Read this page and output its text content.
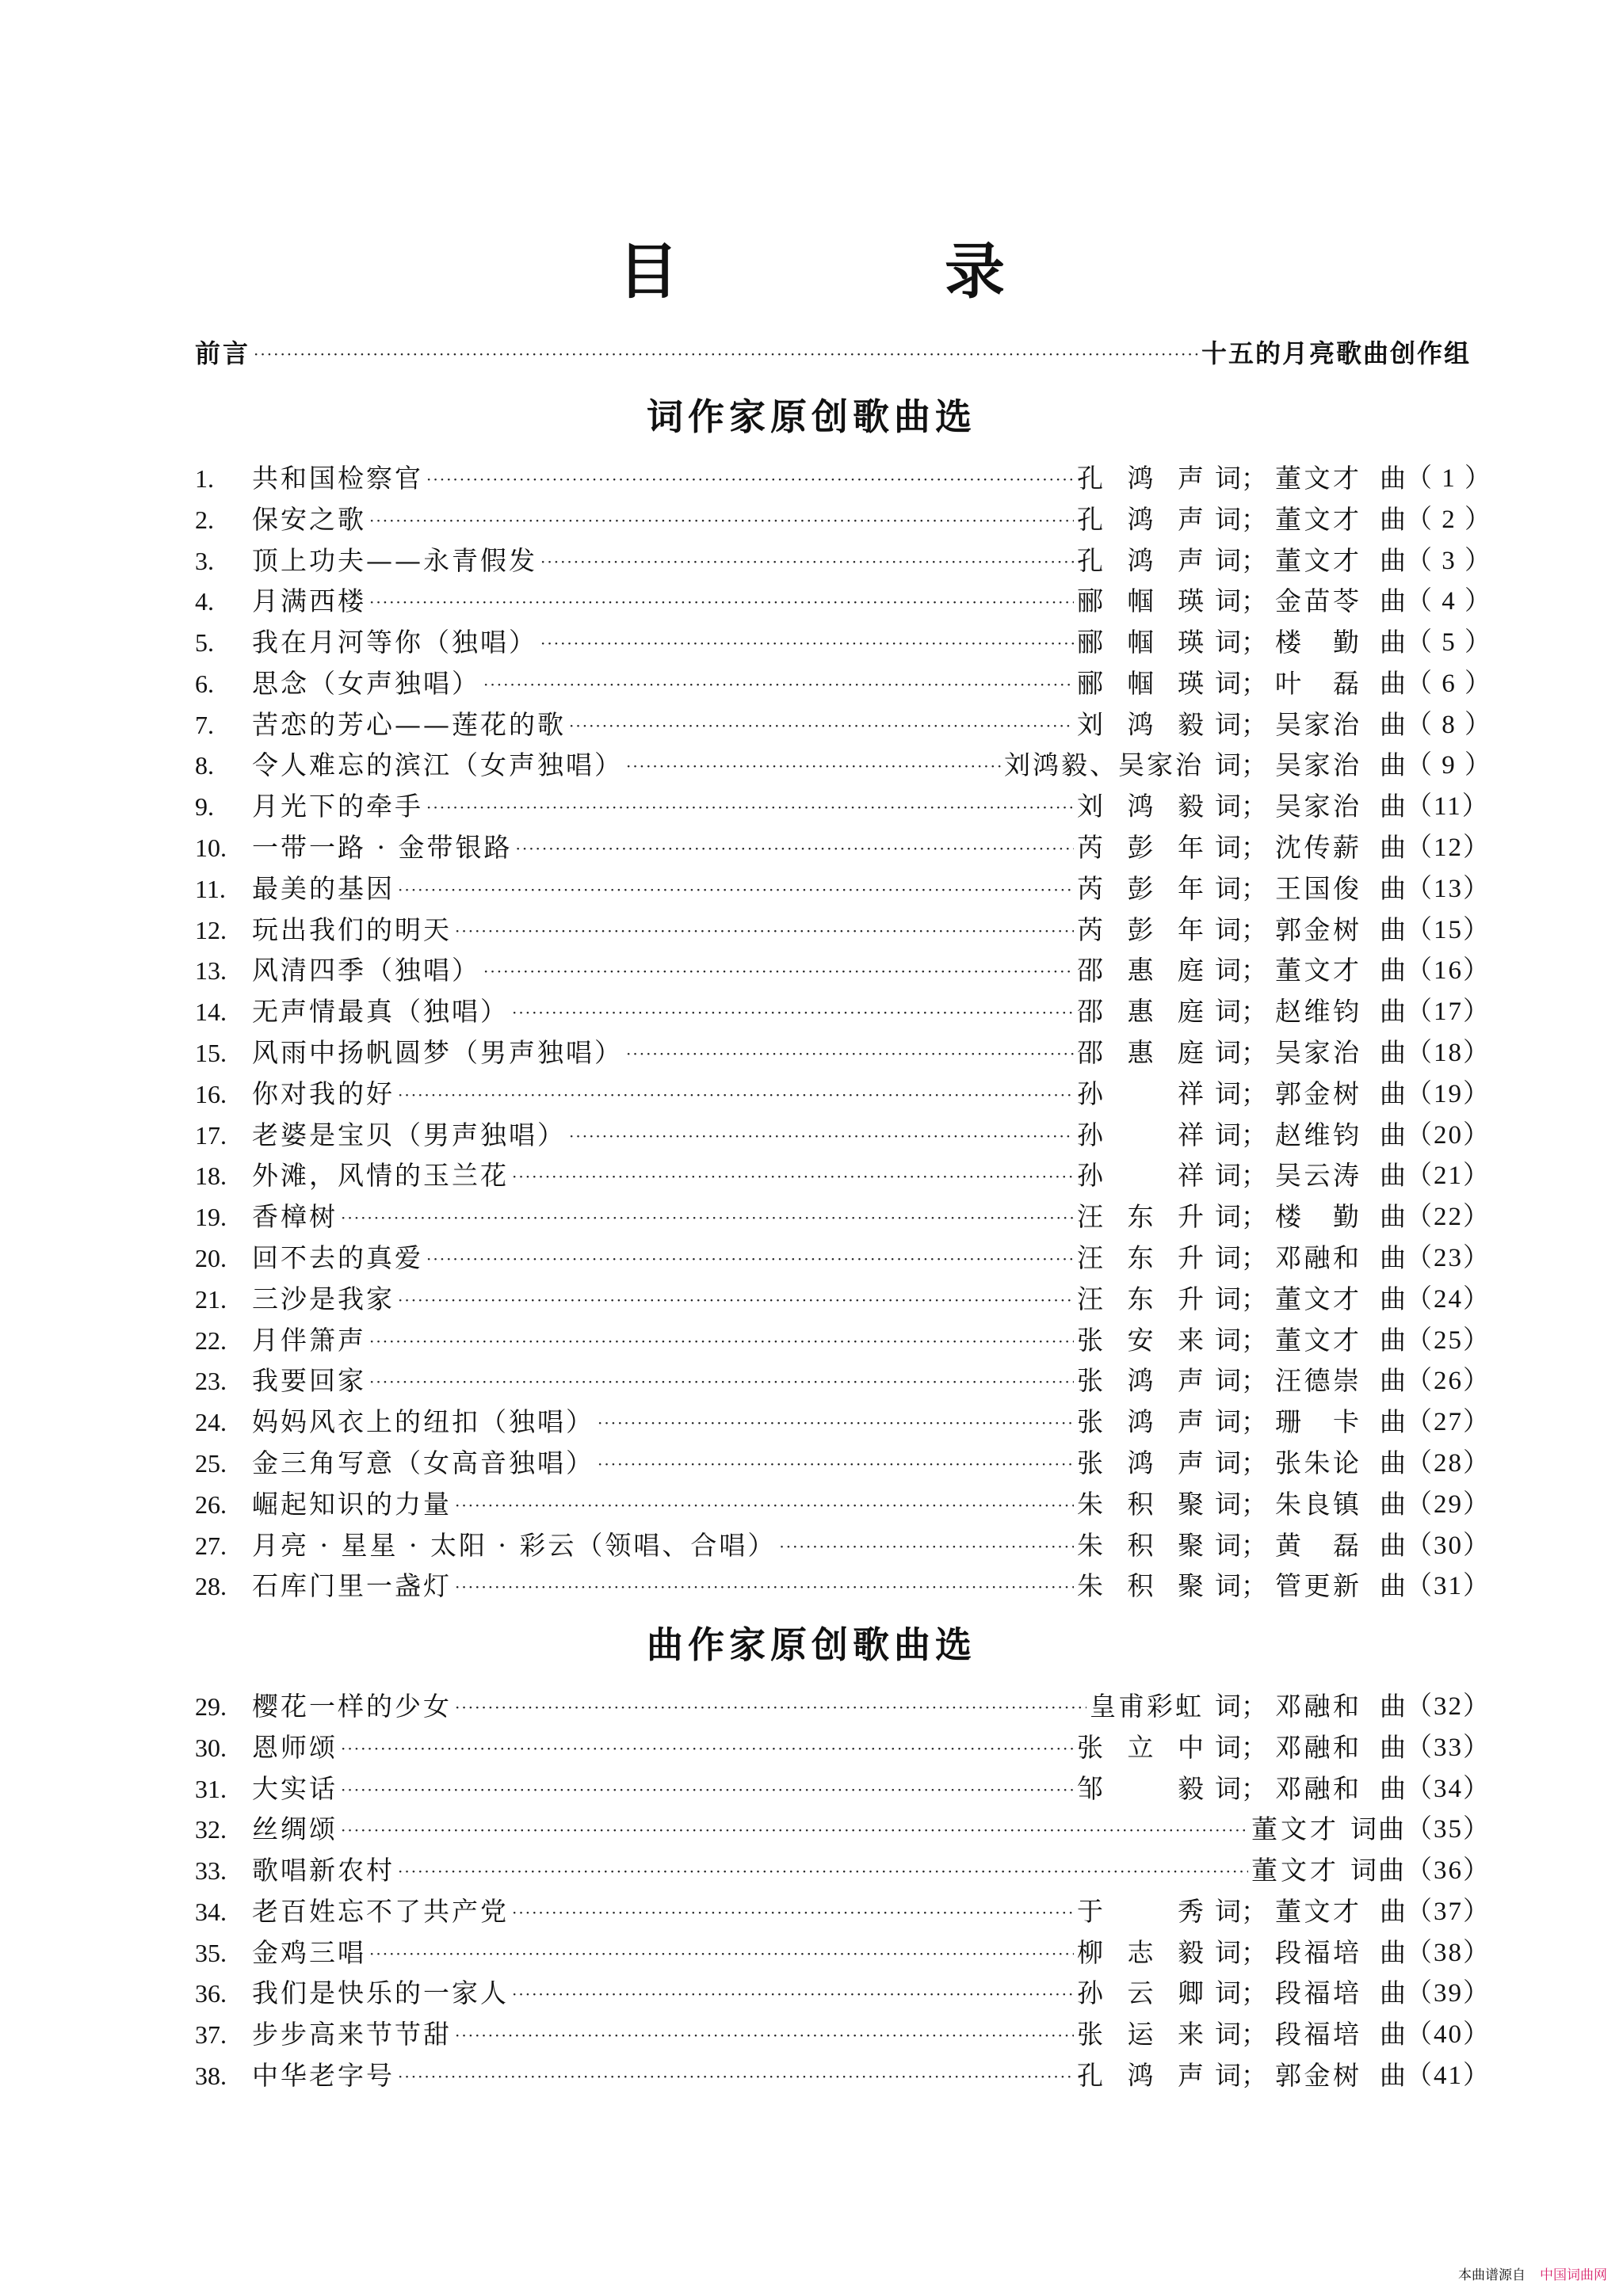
目　录
前言 ·····	十五的月亮歌曲创作组
词作家原创歌曲选
1.	共和国检察官 ·····	孔鸿声 词 ； 董文才 曲 （ 1 ）
2.	保安之歌 ·····	孔鸿声 词 ； 董文才 曲 （ 2 ）
3.	顶上功夫——永青假发 ·····	孔鸿声 词 ； 董文才 曲 （ 3 ）
4.	月满西楼 ·····	郦帼瑛 词 ； 金苗苓 曲 （ 4 ）
5.	我在月河等你（独唱） ·····	郦帼瑛 词 ； 楼勤 曲 （ 5 ）
6.	思念（女声独唱） ·····	郦帼瑛 词 ； 叶磊 曲 （ 6 ）
7.	苦恋的芳心——莲花的歌 ·····	刘鸿毅 词 ； 吴家治 曲 （ 8 ）
8.	令人难忘的滨江（女声独唱） ·····	刘鸿毅、吴家治 词 ； 吴家治 曲 （ 9 ）
9.	月光下的牵手 ·····	刘鸿毅 词 ； 吴家治 曲 （11）
10. 一带一路 · 金带银路 ·····	芮彭年 词 ； 沈传薪 曲 （12）
11.	最美的基因 ·····	芮彭年 词 ； 王国俊 曲 （13）
12. 玩出我们的明天 ·····	芮彭年 词 ； 郭金树 曲 （15）
13. 风清四季（独唱） ·····	邵惠庭 词 ； 董文才 曲 （16）
14. 无声情最真（独唱） ·····	邵惠庭 词 ； 赵维钧 曲 （17）
15. 风雨中扬帆圆梦（男声独唱） ·····	邵惠庭 词 ； 吴家治 曲 （18）
16. 你对我的好 ·····	孙祥 词 ； 郭金树 曲 （19）
17. 老婆是宝贝（男声独唱） ·····	孙祥 词 ； 赵维钧 曲 （20）
18. 外滩，风情的玉兰花 ·····	孙祥 词 ； 吴云涛 曲 （21）
19. 香樟树 ·····	汪东升 词 ； 楼勤 曲 （22）
20. 回不去的真爱 ·····	汪东升 词 ； 邓融和 曲 （23）
21. 三沙是我家 ·····	汪东升 词 ； 董文才 曲 （24）
22. 月伴箫声 ·····	张安来 词 ； 董文才 曲 （25）
23. 我要回家 ·····	张鸿声 词 ； 汪德崇 曲 （26）
24. 妈妈风衣上的纽扣（独唱） ·····	张鸿声 词 ； 珊卡 曲 （27）
25. 金三角写意（女高音独唱） ·····	张鸿声 词 ； 张朱论 曲 （28）
26. 崛起知识的力量 ·····	朱积聚 词 ； 朱良镇 曲 （29）
27. 月亮 · 星星 · 太阳 · 彩云（领唱、合唱） ·····	朱积聚 词 ； 黄磊 曲 （30）
28. 石库门里一盏灯 ·····	朱积聚 词 ； 管更新 曲 （31）
曲作家原创歌曲选
29. 樱花一样的少女 ·····	皇甫彩虹 词 ； 邓融和 曲 （32）
30. 恩师颂 ·····	张立中 词 ； 邓融和 曲 （33）
31. 大实话 ·····	邹毅 词 ； 邓融和 曲 （34）
32. 丝绸颂 ·····	董文才 词曲 （35）
33. 歌唱新农村 ·····	董文才 词曲 （36）
34. 老百姓忘不了共产党 ·····	于秀 词 ； 董文才 曲 （37）
35. 金鸡三唱 ·····	柳志毅 词 ； 段福培 曲 （38）
36. 我们是快乐的一家人 ·····	孙云卿 词 ； 段福培 曲 （39）
37. 步步高来节节甜 ·····	张运来 词 ； 段福培 曲 （40）
38. 中华老字号 ·····	孔鸿声 词 ； 郭金树 曲 （41）
本曲谱源自 中国词曲网
